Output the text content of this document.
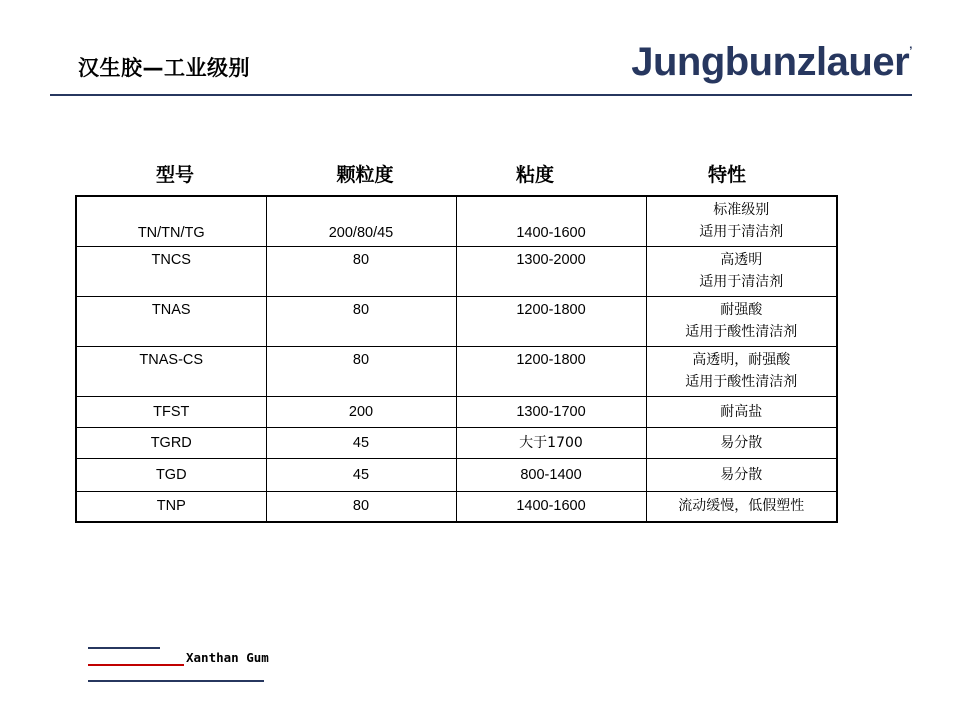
汉生胶—工业级别	Jungbunzlauer’
型号	颗粒度	粘度	特性
TN/TN/TG	200/80/45	1400-1600	标准级别
适用于清洁剂

TNCS	80	1300-2000	高透明
适用于清洁剂

TNAS	80	1200-1800	耐强酸
适用于酸性清洁剂

TNAS-CS	80	1200-1800	高透明，耐强酸
适用于酸性清洁剂

TFST	200	1300-1700	耐高盐
TGRD	45	大于1700	易分散
TGD	45	800-1400	易分散
TNP	80	1400-1600	流动缓慢，低假塑性
Xanthan Gum
